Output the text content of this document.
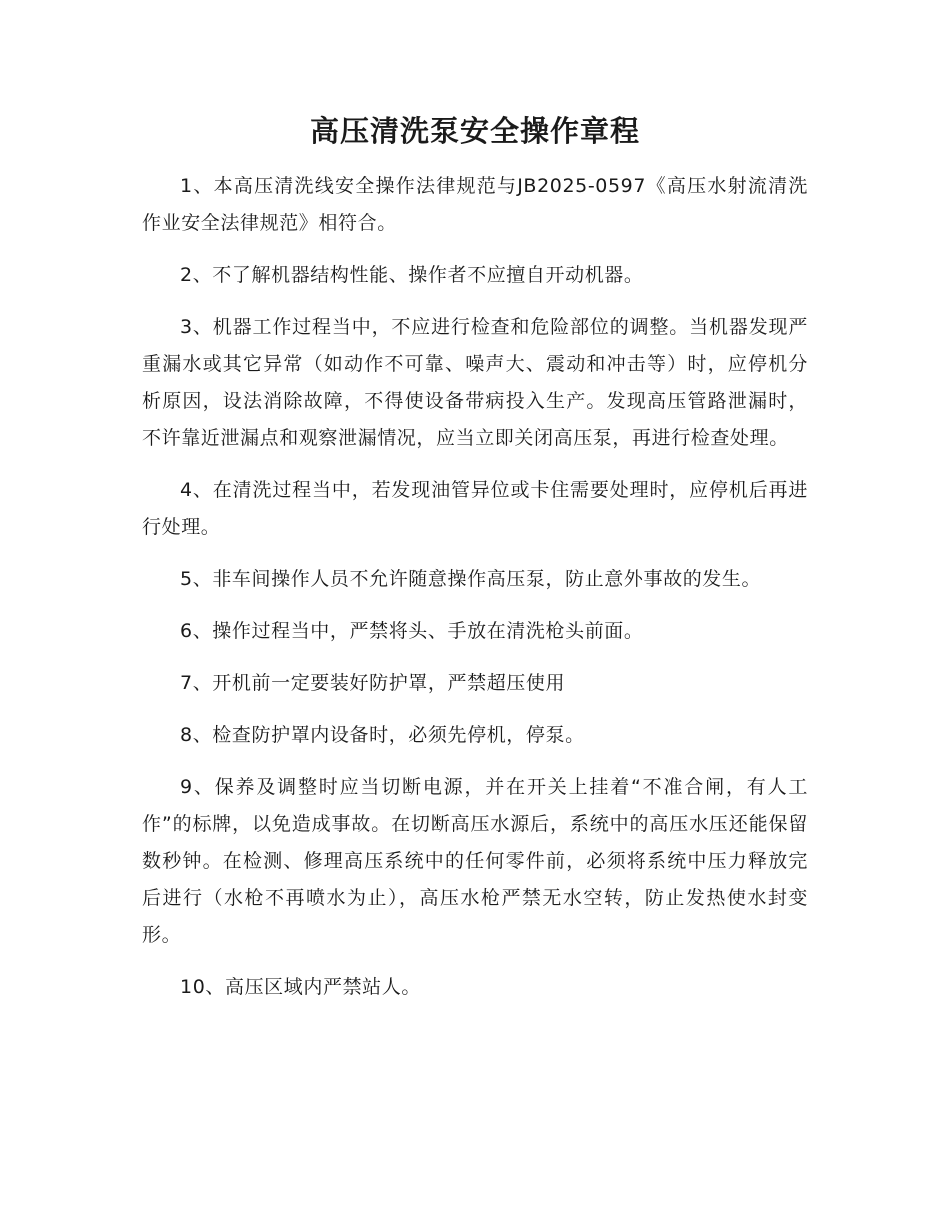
高压清洗泵安全操作章程

1、本高压清洗线安全操作法律规范与JB2025-0597《高压水射流清洗作业安全法律规范》相符合。

2、不了解机器结构性能、操作者不应擅自开动机器。

3、机器工作过程当中，不应进行检查和危险部位的调整。当机器发现严重漏水或其它异常（如动作不可靠、噪声大、震动和冲击等）时，应停机分析原因，设法消除故障，不得使设备带病投入生产。发现高压管路泄漏时，不许靠近泄漏点和观察泄漏情况，应当立即关闭高压泵，再进行检查处理。

4、在清洗过程当中，若发现油管异位或卡住需要处理时，应停机后再进行处理。

5、非车间操作人员不允许随意操作高压泵，防止意外事故的发生。

6、操作过程当中，严禁将头、手放在清洗枪头前面。

7、开机前一定要装好防护罩，严禁超压使用

8、检查防护罩内设备时，必须先停机，停泵。

9、保养及调整时应当切断电源，并在开关上挂着“不准合闸，有人工作”的标牌，以免造成事故。在切断高压水源后，系统中的高压水压还能保留数秒钟。在检测、修理高压系统中的任何零件前，必须将系统中压力释放完后进行（水枪不再喷水为止），高压水枪严禁无水空转，防止发热使水封变形。

10、高压区域内严禁站人。
